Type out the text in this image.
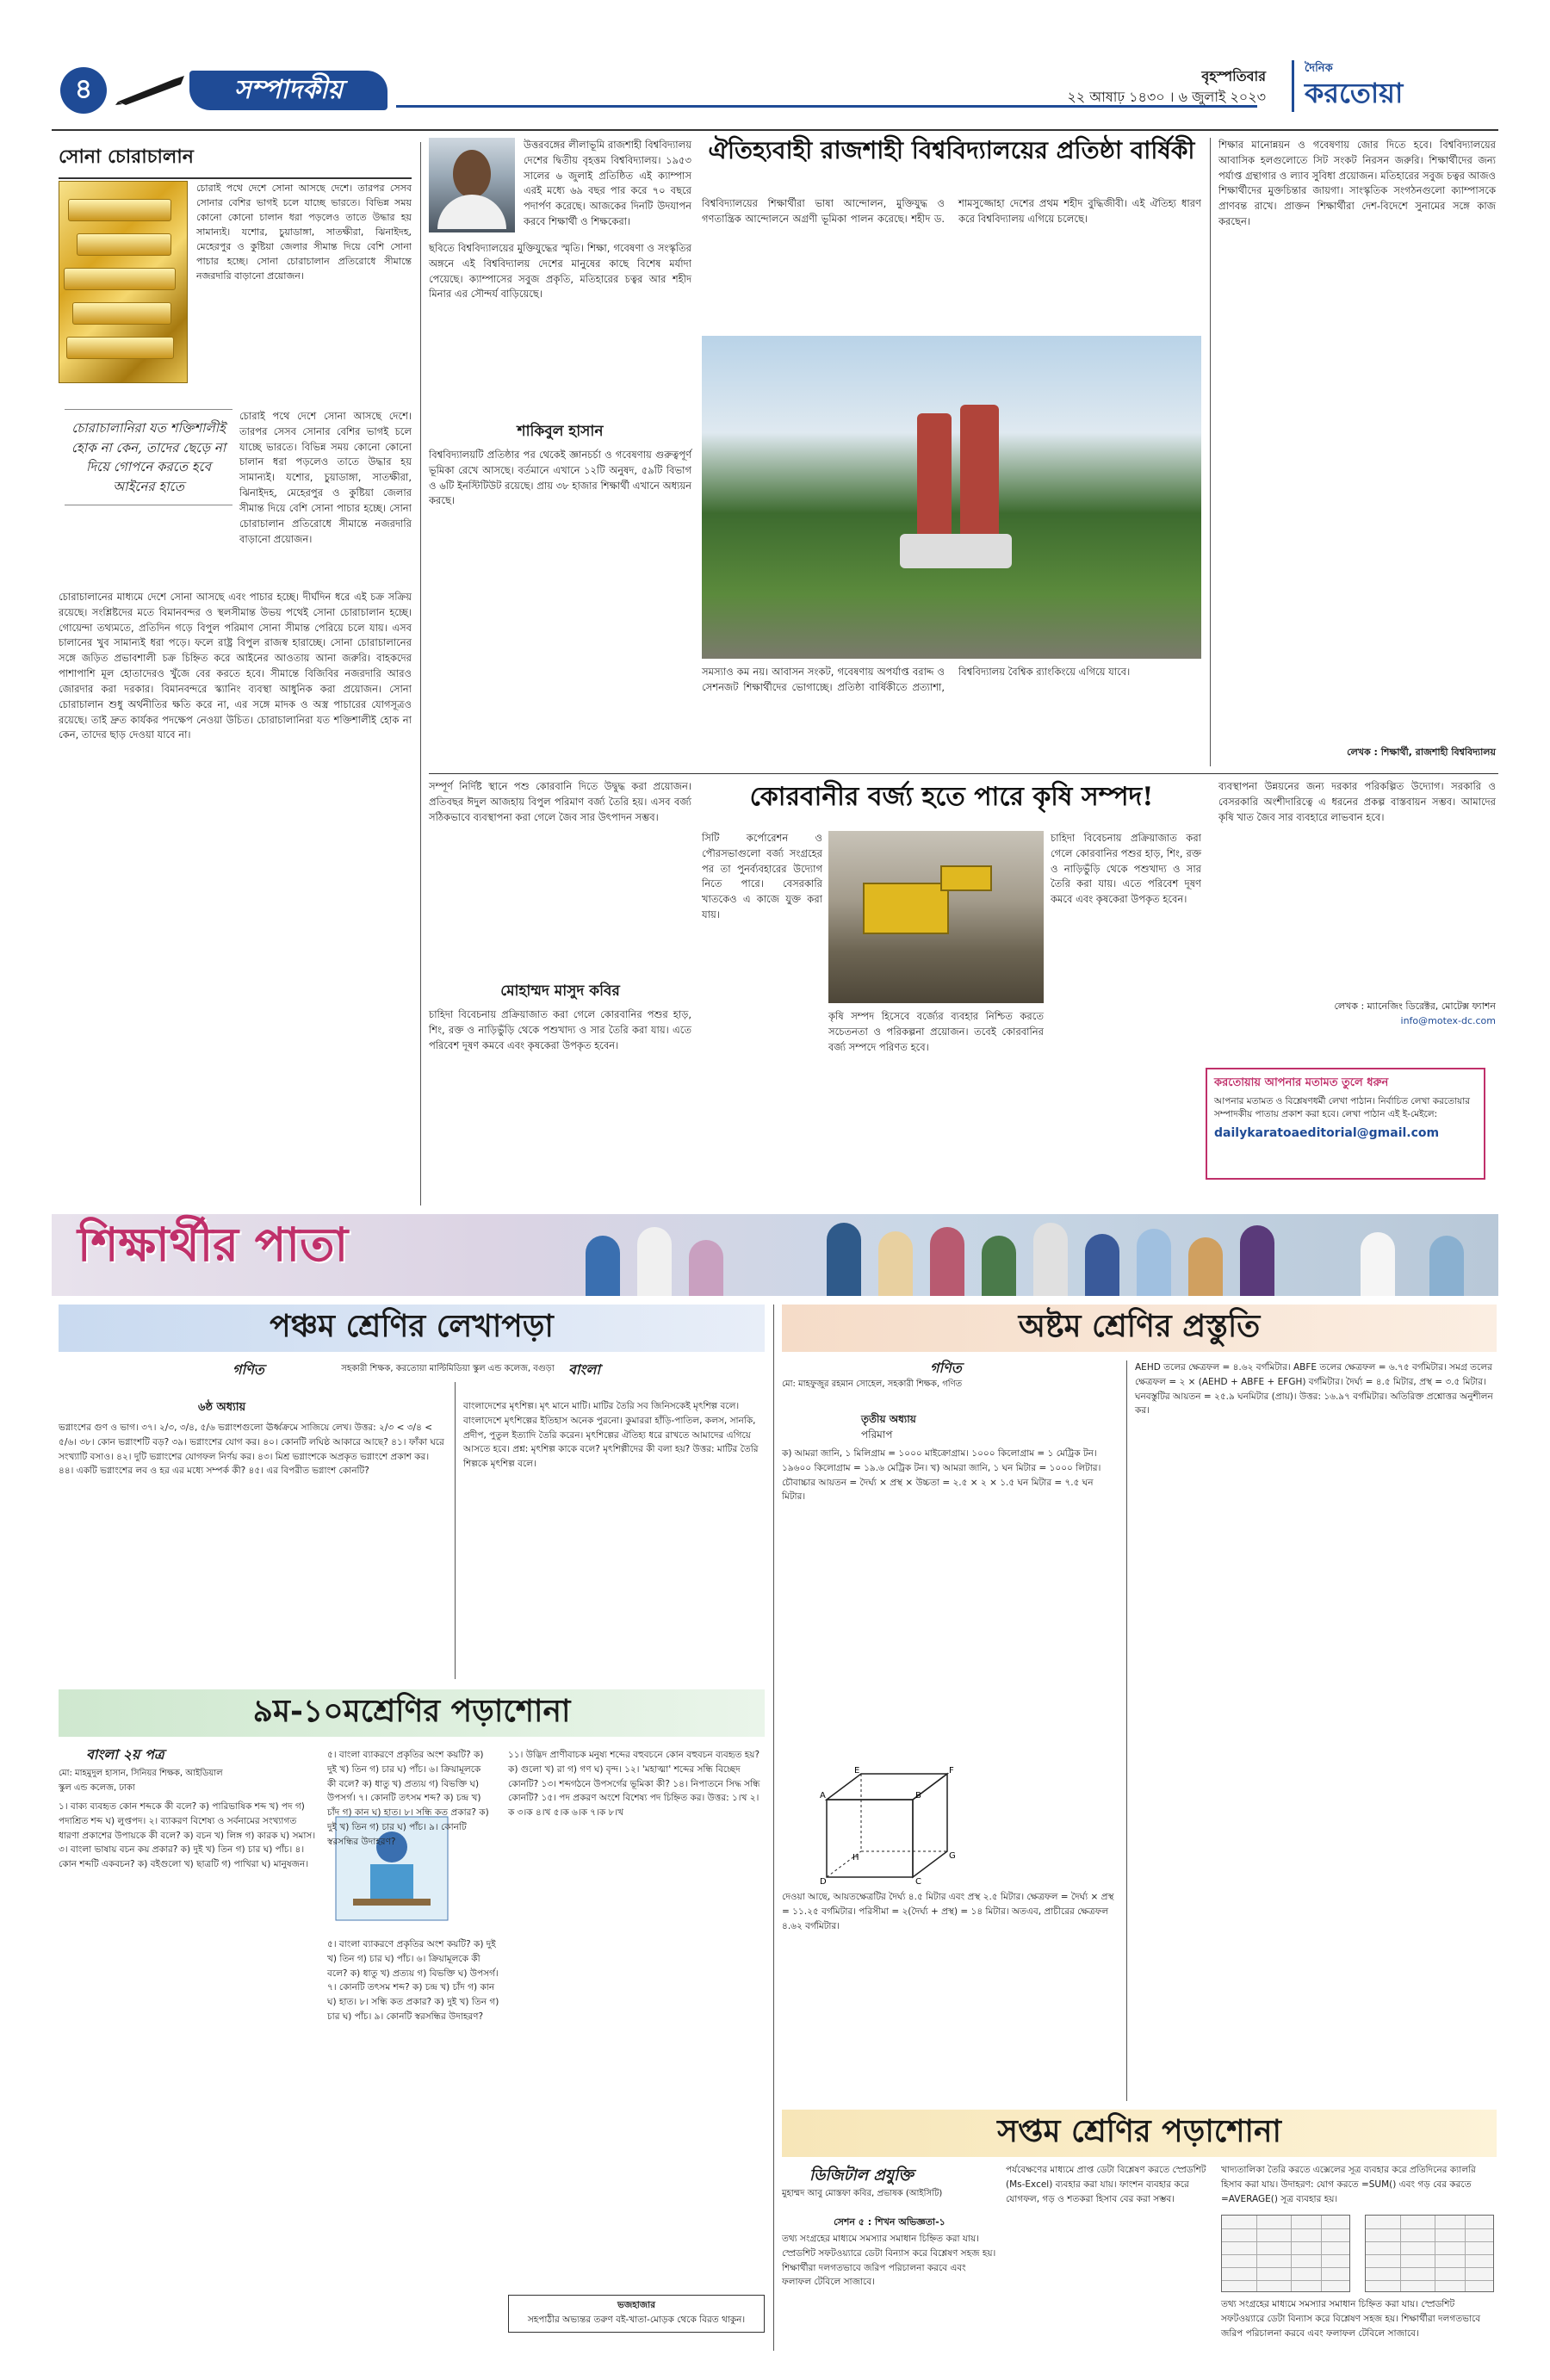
৪	সম্পাদকীয়	বৃহস্পতিবার
২২ আষাঢ় ১৪৩০ । ৬ জুলাই ২০২৩
দৈনিক
করতোয়া
সোনা চোরাচালান
চোরাই পথে দেশে সোনা আসছে দেশে। তারপর সেসব সোনার বেশির ভাগই চলে যাচ্ছে ভারতে। বিভিন্ন সময় কোনো কোনো চালান ধরা পড়লেও তাতে উদ্ধার হয় সামান্যই। যশোর, চুয়াডাঙ্গা, সাতক্ষীরা, ঝিনাইদহ, মেহেরপুর ও কুষ্টিয়া জেলার সীমান্ত দিয়ে বেশি সোনা পাচার হচ্ছে। সোনা চোরাচালান প্রতিরোধে সীমান্তে নজরদারি বাড়ানো প্রয়োজন।
চোরাচালানিরা যত শক্তিশালীই হোক না কেন, তাদের ছেড়ে না দিয়ে গোপনে করতে হবে আইনের হাতে
চোরাই পথে দেশে সোনা আসছে দেশে। তারপর সেসব সোনার বেশির ভাগই চলে যাচ্ছে ভারতে। বিভিন্ন সময় কোনো কোনো চালান ধরা পড়লেও তাতে উদ্ধার হয় সামান্যই। যশোর, চুয়াডাঙ্গা, সাতক্ষীরা, ঝিনাইদহ, মেহেরপুর ও কুষ্টিয়া জেলার সীমান্ত দিয়ে বেশি সোনা পাচার হচ্ছে। সোনা চোরাচালান প্রতিরোধে সীমান্তে নজরদারি বাড়ানো প্রয়োজন।
চোরাচালানের মাধ্যমে দেশে সোনা আসছে এবং পাচার হচ্ছে। দীর্ঘদিন ধরে এই চক্র সক্রিয় রয়েছে। সংশ্লিষ্টদের মতে বিমানবন্দর ও স্থলসীমান্ত উভয় পথেই সোনা চোরাচালান হচ্ছে। গোয়েন্দা তথ্যমতে, প্রতিদিন গড়ে বিপুল পরিমাণ সোনা সীমান্ত পেরিয়ে চলে যায়। এসব চালানের খুব সামান্যই ধরা পড়ে। ফলে রাষ্ট্র বিপুল রাজস্ব হারাচ্ছে। সোনা চোরাচালানের সঙ্গে জড়িত প্রভাবশালী চক্র চিহ্নিত করে আইনের আওতায় আনা জরুরি। বাহকদের পাশাপাশি মূল হোতাদেরও খুঁজে বের করতে হবে। সীমান্তে বিজিবির নজরদারি আরও জোরদার করা দরকার। বিমানবন্দরে স্ক্যানিং ব্যবস্থা আধুনিক করা প্রয়োজন। সোনা চোরাচালান শুধু অর্থনীতির ক্ষতি করে না, এর সঙ্গে মাদক ও অস্ত্র পাচারের যোগসূত্রও রয়েছে। তাই দ্রুত কার্যকর পদক্ষেপ নেওয়া উচিত। চোরাচালানিরা যত শক্তিশালীই হোক না কেন, তাদের ছাড় দেওয়া যাবে না।
উত্তরবঙ্গের লীলাভূমি রাজশাহী বিশ্ববিদ্যালয় দেশের দ্বিতীয় বৃহত্তম বিশ্ববিদ্যালয়। ১৯৫৩ সালের ৬ জুলাই প্রতিষ্ঠিত এই ক্যাম্পাস এরই মধ্যে ৬৯ বছর পার করে ৭০ বছরে পদার্পণ করেছে। আজকের দিনটি উদযাপন করবে শিক্ষার্থী ও শিক্ষকেরা।
ছবিতে বিশ্ববিদ্যালয়ের মুক্তিযুদ্ধের স্মৃতি। শিক্ষা, গবেষণা ও সংস্কৃতির অঙ্গনে এই বিশ্ববিদ্যালয় দেশের মানুষের কাছে বিশেষ মর্যাদা পেয়েছে। ক্যাম্পাসের সবুজ প্রকৃতি, মতিহারের চত্বর আর শহীদ মিনার এর সৌন্দর্য বাড়িয়েছে।
শাকিবুল হাসান
বিশ্ববিদ্যালয়টি প্রতিষ্ঠার পর থেকেই জ্ঞানচর্চা ও গবেষণায় গুরুত্বপূর্ণ ভূমিকা রেখে আসছে। বর্তমানে এখানে ১২টি অনুষদ, ৫৯টি বিভাগ ও ৬টি ইনস্টিটিউট রয়েছে। প্রায় ৩৮ হাজার শিক্ষার্থী এখানে অধ্যয়ন করছে।
ঐতিহ্যবাহী রাজশাহী বিশ্ববিদ্যালয়ের প্রতিষ্ঠা বার্ষিকী
বিশ্ববিদ্যালয়ের শিক্ষার্থীরা ভাষা আন্দোলন, মুক্তিযুদ্ধ ও গণতান্ত্রিক আন্দোলনে অগ্রণী ভূমিকা পালন করেছে। শহীদ ড. শামসুজ্জোহা দেশের প্রথম শহীদ বুদ্ধিজীবী। এই ঐতিহ্য ধারণ করে বিশ্ববিদ্যালয় এগিয়ে চলেছে।
সমস্যাও কম নয়। আবাসন সংকট, গবেষণায় অপর্যাপ্ত বরাদ্দ ও সেশনজট শিক্ষার্থীদের ভোগাচ্ছে। প্রতিষ্ঠা বার্ষিকীতে প্রত্যাশা, বিশ্ববিদ্যালয় বৈশ্বিক র‍্যাংকিংয়ে এগিয়ে যাবে।
শিক্ষার মানোন্নয়ন ও গবেষণায় জোর দিতে হবে। বিশ্ববিদ্যালয়ের আবাসিক হলগুলোতে সিট সংকট নিরসন জরুরি। শিক্ষার্থীদের জন্য পর্যাপ্ত গ্রন্থাগার ও ল্যাব সুবিধা প্রয়োজন। মতিহারের সবুজ চত্বর আজও শিক্ষার্থীদের মুক্তচিন্তার জায়গা। সাংস্কৃতিক সংগঠনগুলো ক্যাম্পাসকে প্রাণবন্ত রাখে। প্রাক্তন শিক্ষার্থীরা দেশ-বিদেশে সুনামের সঙ্গে কাজ করছেন।
লেখক : শিক্ষার্থী, রাজশাহী বিশ্ববিদ্যালয়
সম্পূর্ণ নির্দিষ্ট স্থানে পশু কোরবানি দিতে উদ্বুদ্ধ করা প্রয়োজন। প্রতিবছর ঈদুল আজহায় বিপুল পরিমাণ বর্জ্য তৈরি হয়। এসব বর্জ্য সঠিকভাবে ব্যবস্থাপনা করা গেলে জৈব সার উৎপাদন সম্ভব।
মোহাম্মদ মাসুদ কবির
চাহিদা বিবেচনায় প্রক্রিয়াজাত করা গেলে কোরবানির পশুর হাড়, শিং, রক্ত ও নাড়িভুঁড়ি থেকে পশুখাদ্য ও সার তৈরি করা যায়। এতে পরিবেশ দূষণ কমবে এবং কৃষকেরা উপকৃত হবেন।
কোরবানীর বর্জ্য হতে পারে কৃষি সম্পদ!
সিটি কর্পোরেশন ও পৌরসভাগুলো বর্জ্য সংগ্রহের পর তা পুনর্ব্যবহারের উদ্যোগ নিতে পারে। বেসরকারি খাতকেও এ কাজে যুক্ত করা যায়।
কৃষি সম্পদ হিসেবে বর্জ্যের ব্যবহার নিশ্চিত করতে সচেতনতা ও পরিকল্পনা প্রয়োজন। তবেই কোরবানির বর্জ্য সম্পদে পরিণত হবে।
চাহিদা বিবেচনায় প্রক্রিয়াজাত করা গেলে কোরবানির পশুর হাড়, শিং, রক্ত ও নাড়িভুঁড়ি থেকে পশুখাদ্য ও সার তৈরি করা যায়। এতে পরিবেশ দূষণ কমবে এবং কৃষকেরা উপকৃত হবেন।
ব্যবস্থাপনা উন্নয়নের জন্য দরকার পরিকল্পিত উদ্যোগ। সরকারি ও বেসরকারি অংশীদারিত্বে এ ধরনের প্রকল্প বাস্তবায়ন সম্ভব। আমাদের কৃষি খাত জৈব সার ব্যবহারে লাভবান হবে।
লেখক : ম্যানেজিং ডিরেক্টর, মোটেক্স ফ্যাশন
info@motex-dc.com
করতোয়ায় আপনার মতামত তুলে ধরুন
আপনার মতামত ও বিশ্লেষণধর্মী লেখা পাঠান। নির্বাচিত লেখা করতোয়ার সম্পাদকীয় পাতায় প্রকাশ করা হবে। লেখা পাঠান এই ই-মেইলে:
dailykaratoaeditorial@gmail.com
শিক্ষার্থীর পাতা
পঞ্চম শ্রেণির লেখাপড়া
গণিত	বাংলা
সহকারী শিক্ষক, করতোয়া মাল্টিমিডিয়া স্কুল এন্ড কলেজ, বগুড়া
৬ষ্ঠ অধ্যায়
ভগ্নাংশের গুণ ও ভাগ। ৩৭। ২/৩, ৩/৪, ৫/৬ ভগ্নাংশগুলো ঊর্ধ্বক্রমে সাজিয়ে লেখ। উত্তর: ২/৩ < ৩/৪ < ৫/৬। ৩৮। কোন ভগ্নাংশটি বড়? ৩৯। ভগ্নাংশের যোগ কর। ৪০। কোনটি লঘিষ্ঠ আকারে আছে? ৪১। ফাঁকা ঘরে সংখ্যাটি বসাও। ৪২। দুটি ভগ্নাংশের যোগফল নির্ণয় কর। ৪৩। মিশ্র ভগ্নাংশকে অপ্রকৃত ভগ্নাংশে প্রকাশ কর। ৪৪। একটি ভগ্নাংশের লব ও হর এর মধ্যে সম্পর্ক কী? ৪৫। এর বিপরীত ভগ্নাংশ কোনটি?
বাংলাদেশের মৃৎশিল্প। মৃৎ মানে মাটি। মাটির তৈরি সব জিনিসকেই মৃৎশিল্প বলে। বাংলাদেশে মৃৎশিল্পের ইতিহাস অনেক পুরনো। কুমাররা হাঁড়ি-পাতিল, কলস, সানকি, প্রদীপ, পুতুল ইত্যাদি তৈরি করেন। মৃৎশিল্পের ঐতিহ্য ধরে রাখতে আমাদের এগিয়ে আসতে হবে। প্রশ্ন: মৃৎশিল্প কাকে বলে? মৃৎশিল্পীদের কী বলা হয়? উত্তর: মাটির তৈরি শিল্পকে মৃৎশিল্প বলে।
৯ম-১০মশ্রেণির পড়াশোনা
বাংলা ২য় পত্র
মো: মাহমুদুল হাসান, সিনিয়র শিক্ষক, আইডিয়াল স্কুল এন্ড কলেজ, ঢাকা
১। বাক্য ব্যবহৃত কোন শব্দকে কী বলে? ক) পারিভাষিক শব্দ খ) পদ গ) পদাশ্রিত শব্দ ঘ) লুপ্তপদ। ২। ব্যাকরণ বিশেষ্য ও সর্বনামের সংখ্যাগত ধারণা প্রকাশের উপায়কে কী বলে? ক) বচন খ) লিঙ্গ গ) কারক ঘ) সমাস। ৩। বাংলা ভাষায় বচন কয় প্রকার? ক) দুই খ) তিন গ) চার ঘ) পাঁচ। ৪। কোন শব্দটি একবচন? ক) বইগুলো খ) ছাত্রটি গ) পাখিরা ঘ) মানুষজন।
৫। বাংলা ব্যাকরণে প্রকৃতির অংশ কয়টি? ক) দুই খ) তিন গ) চার ঘ) পাঁচ। ৬। ক্রিয়ামূলকে কী বলে? ক) ধাতু খ) প্রত্যয় গ) বিভক্তি ঘ) উপসর্গ। ৭। কোনটি তৎসম শব্দ? ক) চন্দ্র খ) চাঁদ গ) কান ঘ) হাত। ৮। সন্ধি কত প্রকার? ক) দুই খ) তিন গ) চার ঘ) পাঁচ। ৯। কোনটি স্বরসন্ধির উদাহরণ?
৫। বাংলা ব্যাকরণে প্রকৃতির অংশ কয়টি? ক) দুই খ) তিন গ) চার ঘ) পাঁচ। ৬। ক্রিয়ামূলকে কী বলে? ক) ধাতু খ) প্রত্যয় গ) বিভক্তি ঘ) উপসর্গ। ৭। কোনটি তৎসম শব্দ? ক) চন্দ্র খ) চাঁদ গ) কান ঘ) হাত। ৮। সন্ধি কত প্রকার? ক) দুই খ) তিন গ) চার ঘ) পাঁচ। ৯। কোনটি স্বরসন্ধির উদাহরণ?
১১। উদ্ভিদ প্রাণীবাচক মনুষ্য শব্দের বহুবচনে কোন বহুবচন ব্যবহৃত হয়? ক) গুলো খ) রা গ) গণ ঘ) বৃন্দ। ১২। 'মহাত্মা' শব্দের সন্ধি বিচ্ছেদ কোনটি? ১৩। শব্দগঠনে উপসর্গের ভূমিকা কী? ১৪। নিপাতনে সিদ্ধ সন্ধি কোনটি? ১৫। পদ প্রকরণ অংশে বিশেষ্য পদ চিহ্নিত কর। উত্তর: ১।খ ২।ক ৩।ক ৪।খ ৫।ক ৬।ক ৭।ক ৮।খ
ভজহাজার
সহপাঠীর অভ্যন্তর তরুণ বই-খাতা-মোড়ক থেকে বিরত থাকুন।
অষ্টম শ্রেণির প্রস্তুতি
গণিত
মো: মাহফুজুর রহমান সোহেল, সহকারী শিক্ষক, গণিত
তৃতীয় অধ্যায়
পরিমাপ
ক) আমরা জানি, ১ মিলিগ্রাম = ১০০০ মাইক্রোগ্রাম। ১০০০ কিলোগ্রাম = ১ মেট্রিক টন। ১৯৬০০ কিলোগ্রাম = ১৯.৬ মেট্রিক টন। খ) আমরা জানি, ১ ঘন মিটার = ১০০০ লিটার। চৌবাচ্চার আয়তন = দৈর্ঘ্য × প্রস্থ × উচ্চতা = ২.৫ × ২ × ১.৫ ঘন মিটার = ৭.৫ ঘন মিটার।
A	B
D	C
E	F
G
H
দেওয়া আছে, আয়তক্ষেত্রটির দৈর্ঘ্য ৪.৫ মিটার এবং প্রস্থ ২.৫ মিটার। ক্ষেত্রফল = দৈর্ঘ্য × প্রস্থ = ১১.২৫ বর্গমিটার। পরিসীমা = ২(দৈর্ঘ্য + প্রস্থ) = ১৪ মিটার। অতএব, প্রাচীরের ক্ষেত্রফল ৪.৬২ বর্গমিটার।
AEHD তলের ক্ষেত্রফল = ৪.৬২ বর্গমিটার। ABFE তলের ক্ষেত্রফল = ৬.৭৫ বর্গমিটার। সমগ্র তলের ক্ষেত্রফল = ২ × (AEHD + ABFE + EFGH) বর্গমিটার। দৈর্ঘ্য = ৪.৫ মিটার, প্রস্থ = ৩.৫ মিটার। ঘনবস্তুটির আয়তন = ২৫.৯ ঘনমিটার (প্রায়)। উত্তর: ১৬.৯৭ বর্গমিটার। অতিরিক্ত প্রশ্নোত্তর অনুশীলন কর।
সপ্তম শ্রেণির পড়াশোনা
ডিজিটাল প্রযুক্তি
মুহাম্মদ আবু মোস্তফা কবির, প্রভাষক (আইসিটি)
সেশন ৫ : শিখন অভিজ্ঞতা-১
তথ্য সংগ্রহের মাধ্যমে সমস্যার সমাধান চিহ্নিত করা যায়। স্প্রেডশিট সফটওয়্যারে ডেটা বিন্যাস করে বিশ্লেষণ সহজ হয়। শিক্ষার্থীরা দলগতভাবে জরিপ পরিচালনা করবে এবং ফলাফল টেবিলে সাজাবে।
পর্যবেক্ষণের মাধ্যমে প্রাপ্ত ডেটা বিশ্লেষণ করতে স্প্রেডশিট (Ms-Excel) ব্যবহার করা যায়। ফাংশন ব্যবহার করে যোগফল, গড় ও শতকরা হিসাব বের করা সম্ভব।
খাদ্যতালিকা তৈরি করতে এক্সেলের সূত্র ব্যবহার করে প্রতিদিনের ক্যালরি হিসাব করা যায়। উদাহরণ: যোগ করতে =SUM() এবং গড় বের করতে =AVERAGE() সূত্র ব্যবহার হয়।
তথ্য সংগ্রহের মাধ্যমে সমস্যার সমাধান চিহ্নিত করা যায়। স্প্রেডশিট সফটওয়্যারে ডেটা বিন্যাস করে বিশ্লেষণ সহজ হয়। শিক্ষার্থীরা দলগতভাবে জরিপ পরিচালনা করবে এবং ফলাফল টেবিলে সাজাবে।
